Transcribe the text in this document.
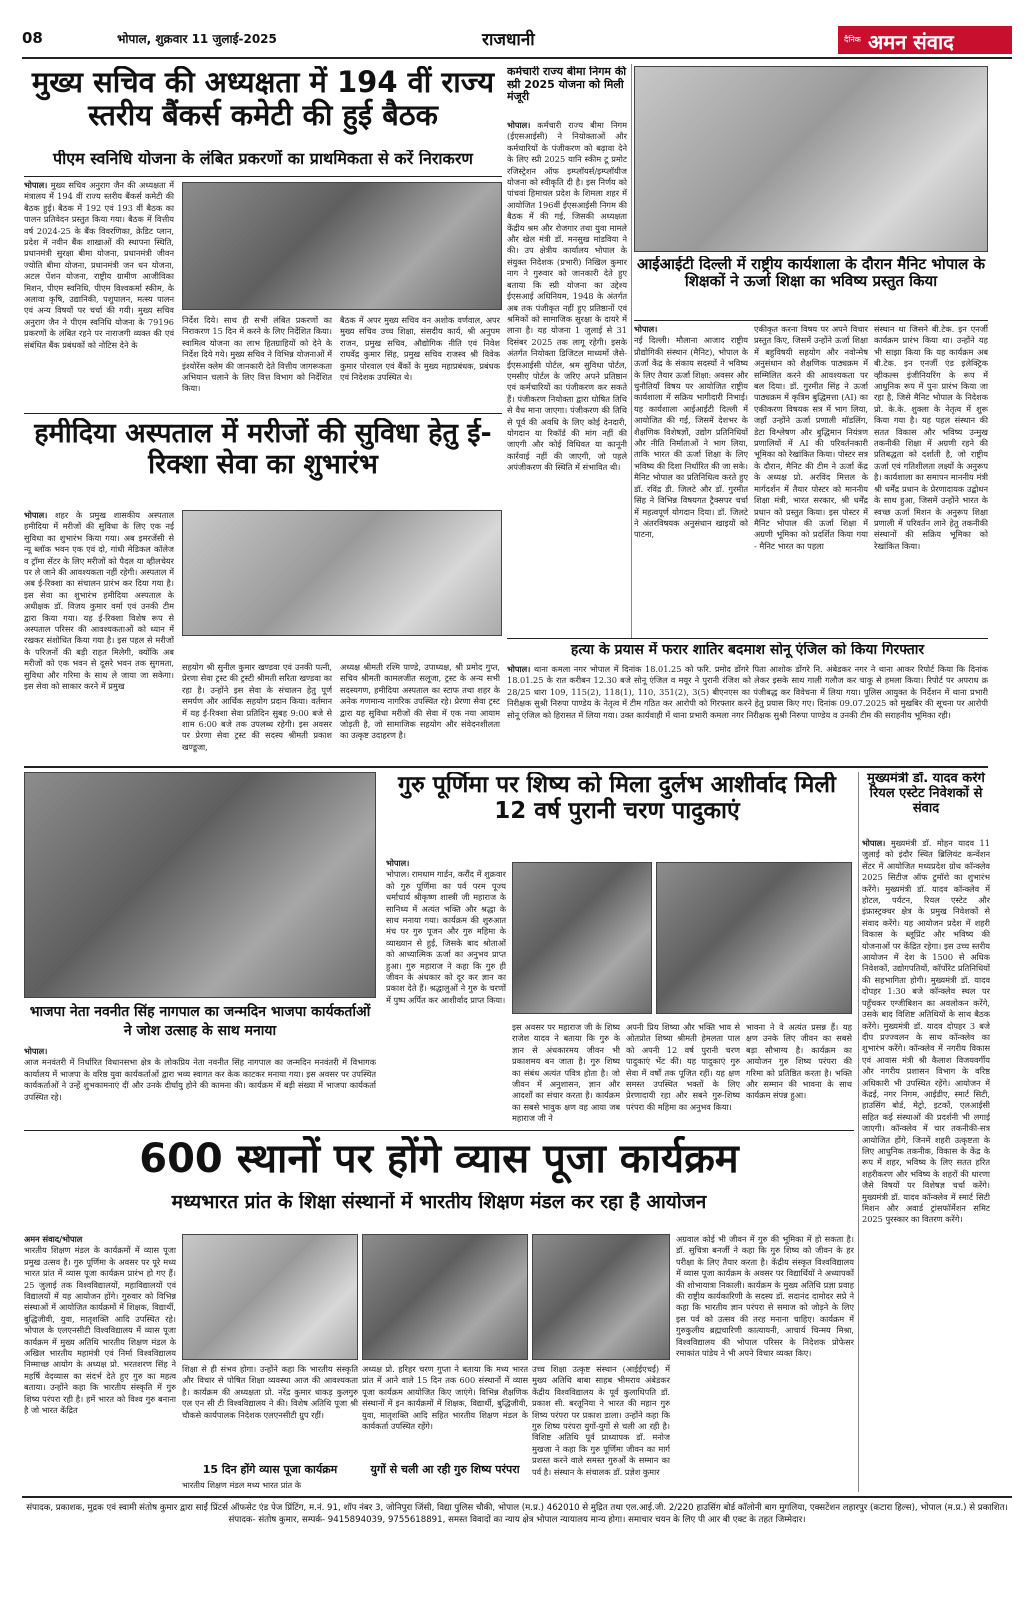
08	भोपाल, शुक्रवार 11 जुलाई-2025	राजधानी	दैनिक अमन संवाद
मुख्य सचिव की अध्यक्षता में 194 वीं राज्य स्तरीय बैंकर्स कमेटी की हुई बैठक
पीएम स्वनिधि योजना के लंबित प्रकरणों का प्राथमिकता से करें निराकरण
भोपाल। मुख्य सचिव अनुराग जैन की अध्यक्षता में मंत्रालय में 194 वीं राज्य स्तरीय बैंकर्स कमेटी की बैठक हुई। बैठक में 192 एवं 193 वीं बैठक का पालन प्रतिवेदन प्रस्तुत किया गया। बैठक में वित्तीय वर्ष 2024-25 के बैंक विवरणिका, क्रेडिट प्लान, प्रदेश में नवीन बैंक शाखाओं की स्थापना स्थिति, प्रधानमंत्री सुरक्षा बीमा योजना, प्रधानमंत्री जीवन ज्योति बीमा योजना, प्रधानमंत्री जन धन योजना, अटल पेंशन योजना, राष्ट्रीय ग्रामीण आजीविका मिशन, पीएम स्वनिधि, पीएम विश्वकर्मा स्कीम, के अलावा कृषि, उद्यानिकी, पशुपालन, मत्स्य पालन एवं अन्य विषयों पर चर्चा की गयी। मुख्य सचिव अनुराग जैन ने पीएम स्वनिधि योजना के 79196 प्रकरणों के लंबित रहने पर नाराजगी व्यक्त की एवं संबंधित बैंक प्रबंधकों को नोटिस देने के
निर्देश दिये। साथ ही सभी लंबित प्रकरणों का निराकरण 15 दिन में करने के लिए निर्देशित किया। स्वामित्व योजना का लाभ हितग्राहियों को देने के निर्देश दिये गये। मुख्य सचिव ने विभिन्न योजनाओं में इंश्योरेंस क्लेम की जानकारी देते वित्तीय जागरूकता अभियान चलाने के लिए वित्त विभाग को निर्देशित किया।
बैठक में अपर मुख्य सचिव वन अशोक वर्णवाल, अपर मुख्य सचिव उच्च शिक्षा, संसदीय कार्य, श्री अनुपम राजन, प्रमुख सचिव, औद्योगिक नीति एवं निवेश राघवेंद्र कुमार सिंह, प्रमुख सचिव राजस्व श्री विवेक कुमार पोरवाल एवं बैंकों के मुख्य महाप्रबंधक, प्रबंधक एवं निदेशक उपस्थित थे।
कर्मचारी राज्य बीमा निगम की स्प्री 2025 योजना को मिली मंजूरी
भोपाल। कर्मचारी राज्य बीमा निगम (ईएसआईसी) ने नियोक्ताओं और कर्मचारियों के पंजीकरण को बढ़ावा देने के लिए स्प्री 2025 यानि स्कीम टू प्रमोट रजिस्ट्रेशन ऑफ इम्प्लॉयर्स/इम्प्लॉयीज योजना को स्वीकृति दी है। इस निर्णय को पांचवां हिमाचल प्रदेश के शिमला शहर में आयोजित 196वीं ईएसआईसी निगम की बैठक में की गई, जिसकी अध्यक्षता केंद्रीय श्रम और रोजगार तथा युवा मामले और खेल मंत्री डॉ. मनसुख मांडविया ने की। उप क्षेत्रीय कार्यालय भोपाल के संयुक्त निदेशक (प्रभारी) निखिल कुमार नाग ने गुरुवार को जानकारी देते हुए बताया कि स्प्री योजना का उद्देश्य ईएसआई अधिनियम, 1948 के अंतर्गत अब तक पंजीकृत नहीं हुए प्रतिष्ठानों एवं श्रमिकों को सामाजिक सुरक्षा के दायरे में लाना है। यह योजना 1 जुलाई से 31 दिसंबर 2025 तक लागू रहेगी। इसके अंतर्गत नियोक्ता डिजिटल माध्यमों जैसे- ईएसआईसी पोर्टल, श्रम सुविधा पोर्टल, एमसीए पोर्टल के जरिए अपने प्रतिष्ठान एवं कर्मचारियों का पंजीकरण कर सकते हैं। पंजीकरण नियोक्ता द्वारा घोषित तिथि से वैध माना जाएगा। पंजीकरण की तिथि से पूर्व की अवधि के लिए कोई देनदारी, योगदान या रिकॉर्ड की मांग नहीं की जाएगी और कोई विधिवत या कानूनी कार्रवाई नहीं की जाएगी, जो पहले अपंजीकरण की स्थिति में संभावित थी।
आईआईटी दिल्ली में राष्ट्रीय कार्यशाला के दौरान मैनिट भोपाल के शिक्षकों ने ऊर्जा शिक्षा का भविष्य प्रस्तुत किया
भोपाल।
नई दिल्ली। मौलाना आजाद राष्ट्रीय प्रौद्योगिकी संस्थान (मैनिट), भोपाल के ऊर्जा केंद्र के संकाय सदस्यों ने भविष्य के लिए तैयार ऊर्जा शिक्षा: अवसर और चुनौतियाँ विषय पर आयोजित राष्ट्रीय कार्यशाला में सक्रिय भागीदारी निभाई। यह कार्यशाला आईआईटी दिल्ली में आयोजित की गई, जिसमें देशभर के शैक्षणिक विशेषज्ञों, उद्योग प्रतिनिधियों और नीति निर्माताओं ने भाग लिया, ताकि भारत की ऊर्जा शिक्षा के लिए भविष्य की दिशा निर्धारित की जा सके। मैनिट भोपाल का प्रतिनिधित्व करते हुए डॉ. रविंद्र डी. जिलटे और डॉ. गुरमीत सिंह ने विभिन्न विषयगत ट्रैक्सपर चर्चा में महत्वपूर्ण योगदान दिया। डॉ. जिलटे ने अंतरविषयक अनुसंधान खाइयों को पाटना,
एकीकृत करना विषय पर अपने विचार प्रस्तुत किए, जिसमें उन्होंने ऊर्जा शिक्षा में बहुविषयी सहयोग और नवोन्मेष अनुसंधान को शैक्षणिक पाठ्यक्रम में सम्मिलित करने की आवश्यकता पर बल दिया। डॉ. गुरमीत सिंह ने ऊर्जा पाठ्यक्रम में कृत्रिम बुद्धिमत्ता (AI) का एकीकरण विषयक सत्र में भाग लिया, जहाँ उन्होंने ऊर्जा प्रणाली मॉडलिंग, डेटा विश्लेषण और बुद्धिमान नियंत्रण प्रणालियों में AI की परिवर्तनकारी भूमिका को रेखांकित किया। पोस्टर सत्र के दौरान, मैनिट की टीम ने ऊर्जा केंद्र के अध्यक्ष प्रो. अरविंद मित्तल के मार्गदर्शन में तैयार पोस्टर को माननीय शिक्षा मंत्री, भारत सरकार, श्री धर्मेंद्र प्रधान को प्रस्तुत किया। इस पोस्टर में मैनिट भोपाल की ऊर्जा शिक्षा में अग्रणी भूमिका को प्रदर्शित किया गया - मैनिट भारत का पहला
संस्थान था जिसने बी.टेक. इन एनर्जी कार्यक्रम प्रारंभ किया था। उन्होंने यह भी साझा किया कि यह कार्यक्रम अब बी.टेक. इन एनर्जी एंड इलेक्ट्रिक व्हीकल्स इंजीनियरिंग के रूप में आधुनिक रूप में पुनः प्रारंभ किया जा रहा है, जिसे मैनिट भोपाल के निदेशक प्रो. के.के. शुक्ला के नेतृत्व में शुरू किया गया है। यह पहल संस्थान की सतत विकास और भविष्य उन्मुख तकनीकी शिक्षा में अग्रणी रहने की प्रतिबद्धता को दर्शाती है, जो राष्ट्रीय ऊर्जा एवं गतिशीलता लक्ष्यों के अनुरूप है। कार्यशाला का समापन माननीय मंत्री श्री धर्मेंद्र प्रधान के प्रेरणादायक उद्बोधन के साथ हुआ, जिसमें उन्होंने भारत के स्वच्छ ऊर्जा मिशन के अनुरूप शिक्षा प्रणाली में परिवर्तन लाने हेतु तकनीकी संस्थानों की सक्रिय भूमिका को रेखांकित किया।
हमीदिया अस्पताल में मरीजों की सुविधा हेतु ई-रिक्शा सेवा का शुभारंभ
भोपाल। शहर के प्रमुख शासकीय अस्पताल हमीदिया में मरीजों की सुविधा के लिए एक नई सुविधा का शुभारंभ किया गया। अब इमरजेंसी से न्यू ब्लॉक भवन एक एवं दो, गांधी मेडिकल कॉलेज व ट्रॉमा सेंटर के लिए मरीजों को पैदल या व्हीलचेयर पर ले जाने की आवश्यकता नहीं रहेगी। अस्पताल में अब ई-रिक्शा का संचालन प्रारंभ कर दिया गया है। इस सेवा का शुभारंभ हमीदिया अस्पताल के अधीक्षक डॉ. विजय कुमार वर्मा एवं उनकी टीम द्वारा किया गया। यह ई-रिक्शा विशेष रूप से अस्पताल परिसर की आवश्यकताओं को ध्यान में रखकर संशोधित किया गया है। इस पहल से मरीजों के परिजनों की बड़ी राहत मिलेगी, क्योंकि अब मरीजों को एक भवन से दूसरे भवन तक सुगमता, सुविधा और गरिमा के साथ ले जाया जा सकेगा। इस सेवा को साकार करने में प्रमुख
सहयोग श्री सुनील कुमार खण्डवा एवं उनकी पत्नी, प्रेरणा सेवा ट्रस्ट की ट्रस्टी श्रीमती सरिता खण्डवा का रहा है। उन्होंने इस सेवा के संचालन हेतु पूर्ण समर्पण और आर्थिक सहयोग प्रदान किया। वर्तमान में यह ई-रिक्शा सेवा प्रतिदिन सुबह 9:00 बजे से शाम 6:00 बजे तक उपलब्ध रहेगी। इस अवसर पर प्रेरणा सेवा ट्रस्ट की सदस्य श्रीमती प्रकाश खण्डूजा,
अध्यक्ष श्रीमती रश्मि पाण्डे, उपाध्यक्ष, श्री प्रमोद गुप्त, सचिव श्रीमती कामलजीत सलूजा, ट्रस्ट के अन्य सभी सदस्यगण, हमीदिया अस्पताल का स्टाफ तथा शहर के अनेक गणमान्य नागरिक उपस्थित रहे। प्रेरणा सेवा ट्रस्ट द्वारा यह सुविधा मरीजों की सेवा में एक नया आयाम जोड़ती है, जो सामाजिक सहयोग और संवेदनशीलता का उत्कृष्ट उदाहरण है।
हत्या के प्रयास में फरार शातिर बदमाश सोनू एंजिल को किया गिरफ्तार
भोपाल। थाना कमला नगर भोपाल में दिनांक 18.01.25 को फरि. प्रमोद डोंगरे पिता आशोक डोंगरे नि. अंबेडकर नगर ने थाना आकर रिपोर्ट किया कि दिनांक 18.01.25 के रात करीबन 12.30 बजे सोनू एंजिल व मयूर ने पुरानी रंजिश को लेकर इसके साथ गाली गलौज कर चाकू से हमला किया। रिपोर्ट पर अपराध क्र 28/25 धारा 109, 115(2), 118(1), 110, 351(2), 3(5) बीएनएस का पंजीबद्ध कर विवेचना में लिया गया। पुलिस आयुक्त के निर्देशन में थाना प्रभारी निरीक्षक सुश्री निरुपा पाण्डेय के नेतृत्व में टीम गठित कर आरोपी को गिरफ्तार करने हेतु प्रयास किए गए। दिनांक 09.07.2025 को मुखबिर की सूचना पर आरोपी सोनू एंजिल को हिरासत में लिया गया। उक्त कार्यवाही में थाना प्रभारी कमला नगर निरीक्षक सुश्री निरुपा पाण्डेय व उनकी टीम की सराहनीय भूमिका रही।
भाजपा नेता नवनीत सिंह नागपाल का जन्मदिन भाजपा कार्यकर्ताओं ने जोश उत्साह के साथ मनाया
भोपाल।
आज मनवंतरी में निर्धारित विधानसभा क्षेत्र के लोकप्रिय नेता नवनीत सिंह नागपाल का जन्मदिन मनवंतरी में विभागक कार्यालय में भाजपा के वरिष्ठ युवा कार्यकर्ताओं द्वारा भव्य स्वागत कर केक काटकर मनाया गया। इस अवसर पर उपस्थित कार्यकर्ताओं ने उन्हें शुभकामनाएं दीं और उनके दीर्घायु होने की कामना की। कार्यक्रम में बड़ी संख्या में भाजपा कार्यकर्ता उपस्थित रहे।
गुरु पूर्णिमा पर शिष्य को मिला दुर्लभ आशीर्वाद मिली 12 वर्ष पुरानी चरण पादुकाएं
भोपाल।
भोपाल। रामधाम गार्डन, करौंद में शुक्रवार को गुरु पूर्णिमा का पर्व परम पूज्य धर्माचार्य श्रीकृष्ण शास्त्री जी महाराज के सानिध्य में अत्यंत भक्ति और श्रद्धा के साथ मनाया गया। कार्यक्रम की शुरुआत मंच पर गुरु पूजन और गुरु महिमा के व्याख्यान से हुई, जिसके बाद श्रोताओं को आध्यात्मिक ऊर्जा का अनुभव प्राप्त हुआ। गुरु महाराज ने कहा कि गुरु ही जीवन के अंधकार को दूर कर ज्ञान का प्रकाश देते हैं। श्रद्धालुओं ने गुरु के चरणों में पुष्प अर्पित कर आशीर्वाद प्राप्त किया।
इस अवसर पर महाराज जी के शिष्य राजेश यादव ने बताया कि गुरु के ज्ञान से अंधकारमय जीवन भी प्रकाशमय बन जाता है। गुरु शिष्य का संबंध अत्यंत पवित्र होता है। जो जीवन में अनुशासन, ज्ञान और आदर्शों का संचार करता है। कार्यक्रम का सबसे भावुक क्षण वह आया जब महाराज जी ने
अपनी प्रिय शिष्या और भक्ति भाव से ओतप्रोत शिष्या श्रीमती हेमलता पाल को अपनी 12 वर्ष पुरानी चरण पादुकाएं भेंट कीं। यह पादुकाएं गुरु सेवा में वर्षों तक पूजित रहीं। यह क्षण समस्त उपस्थित भक्तों के लिए प्रेरणादायी रहा और सबने गुरु-शिष्य परंपरा की महिमा का अनुभव किया।
भावना ने वे अत्यंत प्रसन्न हैं। यह क्षण उनके लिए जीवन का सबसे बड़ा सौभाग्य है। कार्यक्रम का आयोजन गुरु शिष्य परंपरा की गरिमा को प्रतिष्ठित करता है। भक्ति और सम्मान की भावना के साथ कार्यक्रम संपन्न हुआ।
मुख्यमंत्री डॉ. यादव करेंगे रियल एस्टेट निवेशकों से संवाद
भोपाल। मुख्यमंत्री डॉ. मोहन यादव 11 जुलाई को इंदौर स्थित ब्रिलियंट कन्वेंशन सेंटर में आयोजित मध्यप्रदेश ग्रोथ कॉन्क्लेव 2025 सिटीज ऑफ टुमॉरो का शुभारंभ करेंगे। मुख्यमंत्री डॉ. यादव कॉन्क्लेव में होटल, पर्यटन, रियल एस्टेट और इंफ्रास्ट्रक्चर क्षेत्र के प्रमुख निवेशकों से संवाद करेंगे। यह आयोजन प्रदेश में शहरी विकास के ब्लूप्रिंट और भविष्य की योजनाओं पर केंद्रित रहेगा। इस उच्च स्तरीय आयोजन में देश के 1500 से अधिक निवेशकों, उद्योगपतियों, कॉर्पोरेट प्रतिनिधियों की सहभागिता होगी। मुख्यमंत्री डॉ. यादव दोपहर 1:30 बजे कॉन्क्लेव स्थल पर पहुँचकर एग्जीबिशन का अवलोकन करेंगे, उसके बाद विशिष्ट अतिथियों के साथ बैठक करेंगे। मुख्यमंत्री डॉ. यादव दोपहर 3 बजे दीप प्रज्ज्वलन के साथ कॉन्क्लेव का शुभारंभ करेंगे। कॉन्क्लेव में नगरीय विकास एवं आवास मंत्री श्री कैलाश विजयवर्गीय और नगरीय प्रशासन विभाग के वरिष्ठ अधिकारी भी उपस्थित रहेंगे। आयोजन में केंद्रई, नगर निगम, आईडीए, स्मार्ट सिटी, हाउसिंग बोर्ड, मेट्रो, इटकों, एलआईसी सहित कई संस्थाओं की प्रदर्शनी भी लगाई जाएगी। कॉन्क्लेव में चार तकनीकी-सत्र आयोजित होंगे, जिनमें शहरी उत्कृष्टता के लिए आधुनिक तकनीक, विकास के केंद्र के रूप में शहर, भविष्य के लिए सतत हरित शहरीकरण और भविष्य के शहरों की धारणा जैसे विषयों पर विशेषज्ञ चर्चा करेंगे। मुख्यमंत्री डॉ. यादव कॉन्क्लेव में स्मार्ट सिटी मिशन और अवार्ड ट्रांसफॉर्मेशन समिट 2025 पुरस्कार का वितरण करेंगे।
600 स्थानों पर होंगे व्यास पूजा कार्यक्रम
मध्यभारत प्रांत के शिक्षा संस्थानों में भारतीय शिक्षण मंडल कर रहा है आयोजन
अमन संवाद/भोपाल
भारतीय शिक्षण मंडल के कार्यक्रमों में व्यास पूजा प्रमुख उत्सव है। गुरु पूर्णिमा के अवसर पर पूरे मध्य भारत प्रांत में व्यास पूजा कार्यक्रम प्रारंभ हो गए हैं। 25 जुलाई तक विश्वविद्यालयों, महाविद्यालयों एवं विद्यालयों में यह आयोजन होंगे। गुरुवार को विभिन्न संस्थाओं में आयोजित कार्यक्रमों में शिक्षक, विद्यार्थी, बुद्धिजीवी, युवा, मातृशक्ति आदि उपस्थित रहे। भोपाल के एलएनसीटी विश्वविद्यालय में व्यास पूजा कार्यक्रम में मुख्य अतिथि भारतीय शिक्षण मंडल के अखिल भारतीय महामंत्री एवं निर्मा विश्वविद्यालय निम्माच्छ आयोग के अध्यक्ष प्रो. भरतशरण सिंह ने महर्षि वेदव्यास का संदर्भ देते हुए गुरु का महत्व बताया। उन्होंने कहा कि भारतीय संस्कृति में गुरु शिष्य परंपरा रही है। हमें भारत को विश्व गुरु बनाना है जो भारत केंद्रित
शिक्षा से ही संभव होगा। उन्होंने कहा कि भारतीय संस्कृति और विचार से पोषित शिक्षा व्यवस्था आज की आवश्यकता है। कार्यक्रम की अध्यक्षता प्रो. नरेंद्र कुमार धाकड़ कुलगुरु एल एन सी टी विश्वविद्यालय ने की। विशेष अतिथि पूजा श्री चौकसे कार्यपालक निदेशक एलएनसीटी ग्रुप रहीं।
15 दिन होंगे व्यास पूजा कार्यक्रम
अध्यक्ष प्रो. हरिहर चरण गुप्ता ने बताया कि मध्य भारत प्रांत में आने वाले 15 दिन तक 600 संस्थानों में व्यास पूजा कार्यक्रम आयोजित किए जाएंगे। विभिन्न शैक्षणिक संस्थानों में इन कार्यक्रमों में शिक्षक, विद्यार्थी, बुद्धिजीवी, युवा, मातृशक्ति आदि सहित भारतीय शिक्षण मंडल के कार्यकर्ता उपस्थित रहेंगे।
उच्च शिक्षा उत्कृष्ट संस्थान (आईईएचई) में मुख्य अतिथि बाबा साहब भीमराव अंबेडकर केंद्रीय विश्वविद्यालय के पूर्व कुलाधिपति डॉ. प्रकाश सी. बरतूनिया ने भारत की महान गुरु शिष्य परंपरा पर प्रकाश डाला। उन्होंने कहा कि गुरु शिष्य परंपरा युगों-युगों से चली आ रही है। विशिष्ट अतिथि पूर्व प्राध्यापक डॉ. मनोज मुखजा ने कहा कि गुरु पूर्णिमा जीवन का मार्ग प्रशस्त करने वाले समस्त गुरुओं के सम्मान का पर्व है। संस्थान के संचालक डॉ. प्रज्ञेश कुमार
युगों से चली आ रही गुरु शिष्य परंपरा
भारतीय शिक्षण मंडल मध्य भारत प्रांत के
अग्रवाल कोई भी जीवन में गुरु की भूमिका में हो सकता है। डॉ. सुचित्रा बनर्जी ने कहा कि गुरु शिष्य को जीवन के हर परीक्षा के लिए तैयार करता है। केंद्रीय संस्कृत विश्वविद्यालय में व्यास पूजा कार्यक्रम के अवसर पर विद्यार्थियों ने अध्यापकों की शोभायात्रा निकाली। कार्यक्रम के मुख्य अतिथि प्रज्ञा प्रवाह की राष्ट्रीय कार्यकारिणी के सदस्य डॉ. सदानंद दामोदर सप्रे ने कहा कि भारतीय ज्ञान परंपरा से समाज को जोड़ने के लिए इस पर्व को उत्सव की तरह मनाना चाहिए। कार्यक्रम में गुरुकुलीय ब्रह्मचारिणी कात्यायनी, आचार्य चिन्मय मिश्रा, विश्वविद्यालय की भोपाल परिसर के निदेशक प्रोफेसर रमाकांत पांडेय ने भी अपने विचार व्यक्त किए।
संपादक, प्रकाशक, मुद्रक एवं स्वामी संतोष कुमार द्वारा साईं प्रिंटर्स ऑफसेट एंड पेज प्रिंटिंग, म.नं. 91, शॉप नंबर 3, जोनिपुरा जिंसी, विद्या पुलिस चौकी, भोपाल (म.प्र.) 462010 से मुद्रित तथा एल.आई.जी. 2/220 हाउसिंग बोर्ड कॉलोनी बाग मुगलिया, एक्सटेंशन लहारपुर (कटारा हिल्स), भोपाल (म.प्र.) से प्रकाशित। संपादक- संतोष कुमार, सम्पर्क- 9415894039, 9755618891, समस्त विवादों का न्याय क्षेत्र भोपाल न्यायालय मान्य होगा। समाचार चयन के लिए पी आर बी एक्ट के तहत जिम्मेदार।
